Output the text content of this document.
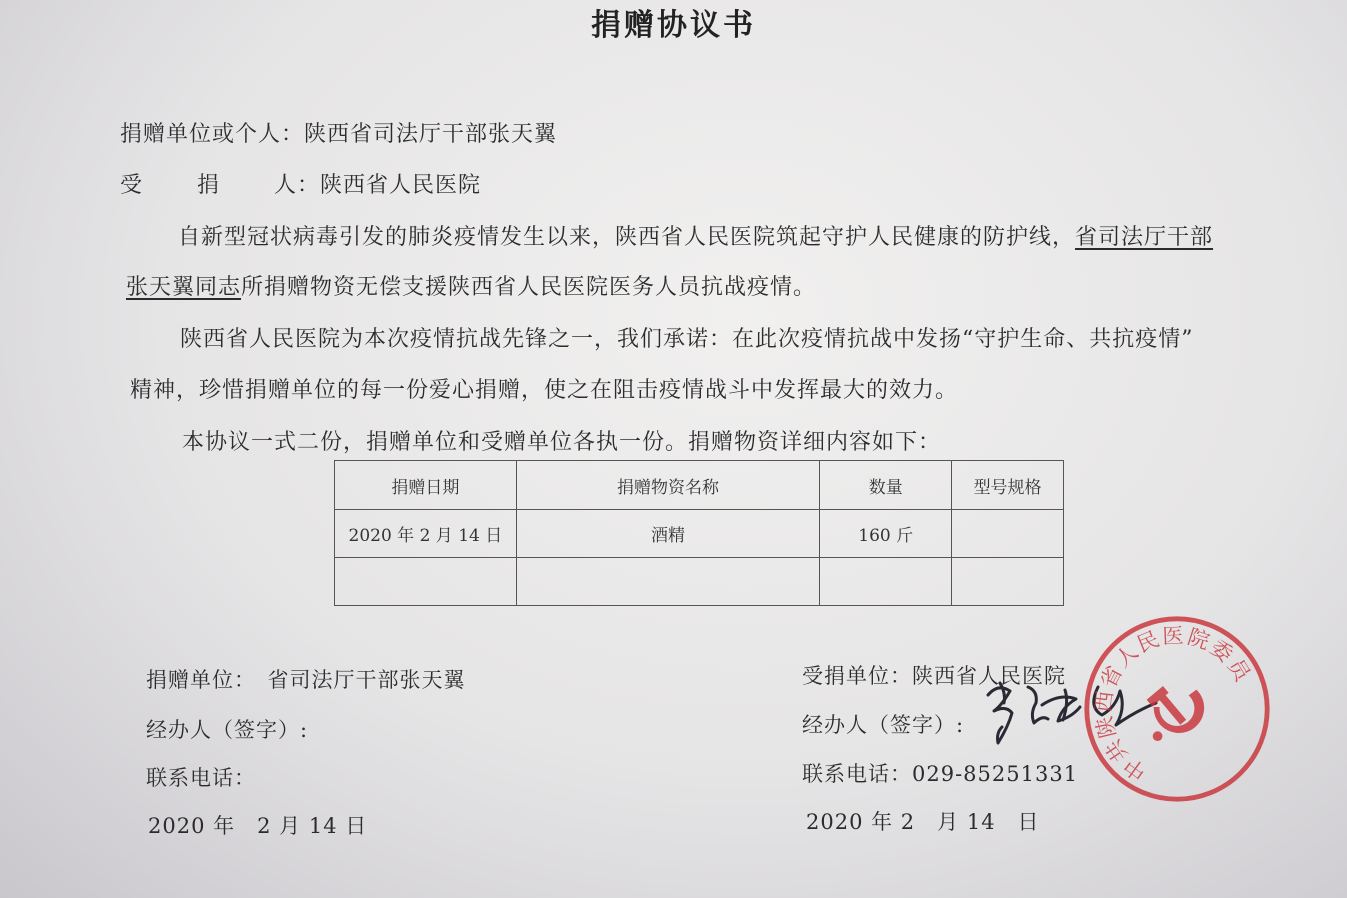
捐赠协议书
捐赠单位或个人：陕西省司法厅干部张天翼
受　　 捐　　 人：陕西省人民医院
自新型冠状病毒引发的肺炎疫情发生以来，陕西省人民医院筑起守护人民健康的防护线，省司法厅干部
张天翼同志所捐赠物资无偿支援陕西省人民医院医务人员抗战疫情。
陕西省人民医院为本次疫情抗战先锋之一，我们承诺：在此次疫情抗战中发扬“守护生命、共抗疫情”
精神，珍惜捐赠单位的每一份爱心捐赠，使之在阻击疫情战斗中发挥最大的效力。
本协议一式二份，捐赠单位和受赠单位各执一份。捐赠物资详细内容如下：
捐赠日期	捐赠物资名称	数量	型号规格
2020 年 2 月 14 日	酒精	160 斤	

捐赠单位：　省司法厅干部张天翼
经办人（签字）:
联系电话：
2020 年　2 月 14 日
受捐单位：陕西省人民医院
经办人（签字）:
联系电话：029-85251331
2020 年 2　月 14　日
中共陕西省人民医院委员会
